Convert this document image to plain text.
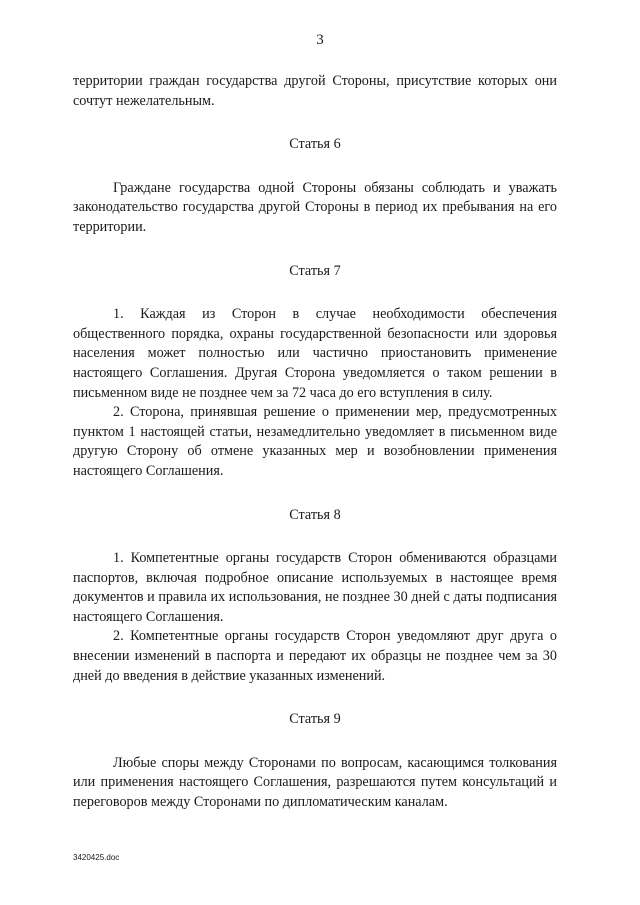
3

территории граждан государства другой Стороны, присутствие которых они сочтут нежелательным.

Статья 6

Граждане государства одной Стороны обязаны соблюдать и уважать законодательство государства другой Стороны в период их пребывания на его территории.

Статья 7

1. Каждая из Сторон в случае необходимости обеспечения общественного порядка, охраны государственной безопасности или здоровья населения может полностью или частично приостановить применение настоящего Соглашения. Другая Сторона уведомляется о таком решении в письменном виде не позднее чем за 72 часа до его вступления в силу.

2. Сторона, принявшая решение о применении мер, предусмотренных пунктом 1 настоящей статьи, незамедлительно уведомляет в письменном виде другую Сторону об отмене указанных мер и возобновлении применения настоящего Соглашения.

Статья 8

1. Компетентные органы государств Сторон обмениваются образцами паспортов, включая подробное описание используемых в настоящее время документов и правила их использования, не позднее 30 дней с даты подписания настоящего Соглашения.

2. Компетентные органы государств Сторон уведомляют друг друга о внесении изменений в паспорта и передают их образцы не позднее чем за 30 дней до введения в действие указанных изменений.

Статья 9

Любые споры между Сторонами по вопросам, касающимся толкования или применения настоящего Соглашения, разрешаются путем консультаций и переговоров между Сторонами по дипломатическим каналам.

3420425.doc
